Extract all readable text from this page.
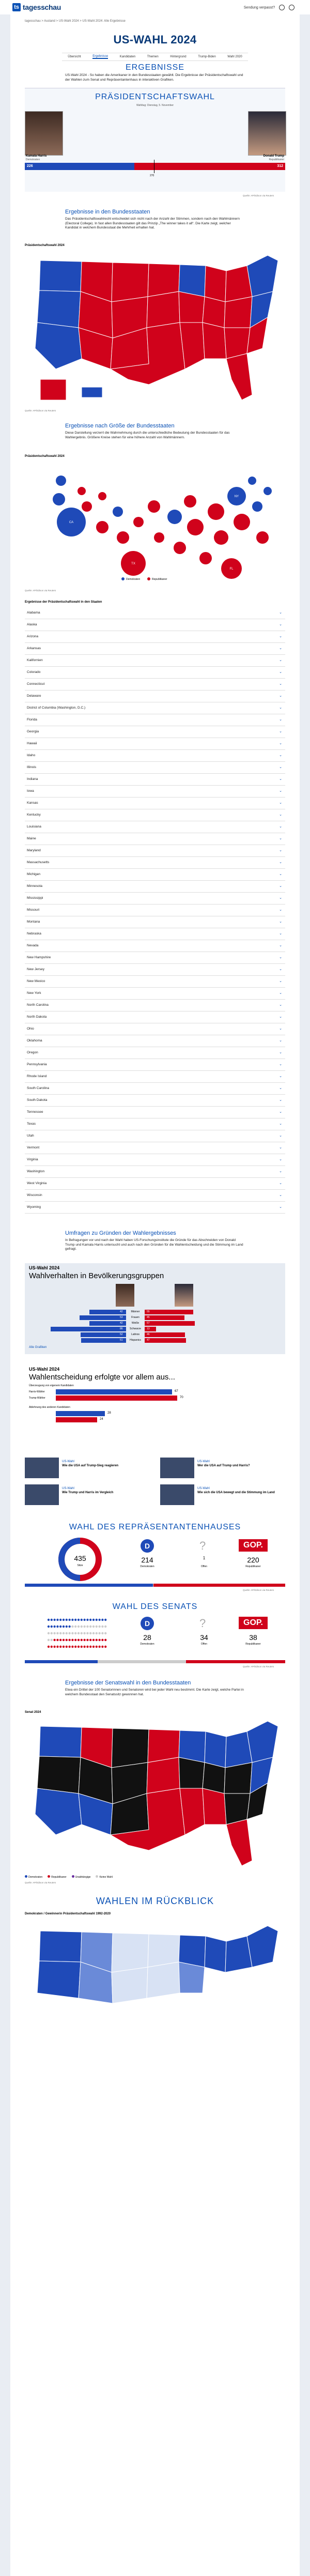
ts tagesschau	Sendung verpasst?
tagesschau > Ausland > US-Wahl 2024 > US-Wahl 2024: Alle Ergebnisse
US-WAHL 2024
Übersicht	Ergebnisse	Kandidaten	Themen	Hintergrund	Trump-Biden	Wahl 2020
ERGEBNISSE
US-Wahl 2024 - So haben die Amerikaner in den Bundesstaaten gewählt. Die Ergebnisse der Präsidentschaftswahl und der Wahlen zum Senat und Repräsentantenhaus in interaktiven Grafiken.
PRÄSIDENTSCHAFTSWAHL
Wahltag: Dienstag, 5. November
Kamala Harris
Demokraten
Donald Trump
Republikaner
226	312
270
Quelle: AP/Edison via Reuters
Ergebnisse in den Bundesstaaten
Das Präsidentschaftswahlrecht entscheidet sich nicht nach der Anzahl der Stimmen, sondern nach den Wahlmännern (Electoral College). In fast allen Bundesstaaten gilt das Prinzip „The winner takes it all“. Die Karte zeigt, welcher Kandidat in welchem Bundesstaat die Mehrheit erhalten hat.
Präsidentschaftswahl 2024
Quelle: AP/Edison via Reuters
Ergebnisse nach Größe der Bundesstaaten
Diese Darstellung verzerrt die Wahrnehmung durch die unterschiedliche Bedeutung der Bundesstaaten für das Wahlergebnis. Größere Kreise stehen für eine höhere Anzahl von Wahlmännern.
Präsidentschaftswahl 2024
CA
TX
FL
NY
Demokraten	Republikaner
Quelle: AP/Edison via Reuters
Ergebnisse der Präsidentschaftswahl in den Staaten
Alabama	⌄
Alaska	⌄
Arizona	⌄
Arkansas	⌄
Kalifornien	⌄
Colorado	⌄
Connecticut	⌄
Delaware	⌄
District of Columbia (Washington, D.C.)	⌄
Florida	⌄
Georgia	⌄
Hawaii	⌄
Idaho	⌄
Illinois	⌄
Indiana	⌄
Iowa	⌄
Kansas	⌄
Kentucky	⌄
Louisiana	⌄
Maine	⌄
Maryland	⌄
Massachusetts	⌄
Michigan	⌄
Minnesota	⌄
Mississippi	⌄
Missouri	⌄
Montana	⌄
Nebraska	⌄
Nevada	⌄
New Hampshire	⌄
New Jersey	⌄
New Mexico	⌄
New York	⌄
North Carolina	⌄
North Dakota	⌄
Ohio	⌄
Oklahoma	⌄
Oregon	⌄
Pennsylvania	⌄
Rhode Island	⌄
South Carolina	⌄
South Dakota	⌄
Tennessee	⌄
Texas	⌄
Utah	⌄
Vermont	⌄
Virginia	⌄
Washington	⌄
West Virginia	⌄
Wisconsin	⌄
Wyoming	⌄
Umfragen zu Gründen der Wahlergebnisses
In Befragungen vor und nach der Wahl haben US-Forschungsinstitute die Gründe für das Abschneiden von Donald Trump und Kamala Harris untersucht und auch nach den Gründen für die Wahlentscheidung und die Stimmung im Land gefragt.
US-Wahl 2024
Wahlverhalten in Bevölkerungsgruppen
Männer
42	55
Frauen
53	45
Weiße
42	57
Schwarze
86	13
Latinos
52	46
Hispanics
51	47
Alle Grafiken
US-Wahl 2024
Wahlentscheidung erfolgte vor allem aus...
Überzeugung von eigenem Kandidaten
Harris-Wähler	67
Trump-Wähler	70
Ablehnung des anderen Kandidaten
28
24
US-Wahl
Wie die USA auf Trump-Sieg reagieren
US-Wahl
Wer die USA auf Trump und Harris?
US-Wahl
Wie Trump und Harris im Vergleich
US-Wahl
Wie sich die USA bewegt und die Stimmung im Land
WAHL DES REPRÄSENTANTENHAUSES
435
Sitze
D
214
Demokraten
?
1
Offen
GOP.
220
Republikaner
Quelle: AP/Edison via Reuters
WAHL DES SENATS
D
28
Demokraten
?
34
Offen
GOP.
38
Republikaner
Quelle: AP/Edison via Reuters
Ergebnisse der Senatswahl in den Bundesstaaten
Etwa ein Drittel der 100 Senatorinnen und Senatoren wird bei jeder Wahl neu bestimmt. Die Karte zeigt, welche Partei in welchem Bundesstaat den Senatssitz gewonnen hat.
Senat 2024
Demokraten	Republikaner	Unabhängige	Keine Wahl
Quelle: AP/Edison via Reuters
WAHLEN IM RÜCKBLICK
Demokraten / Gewinnerin Präsidentschaftswahl 1992-2020
